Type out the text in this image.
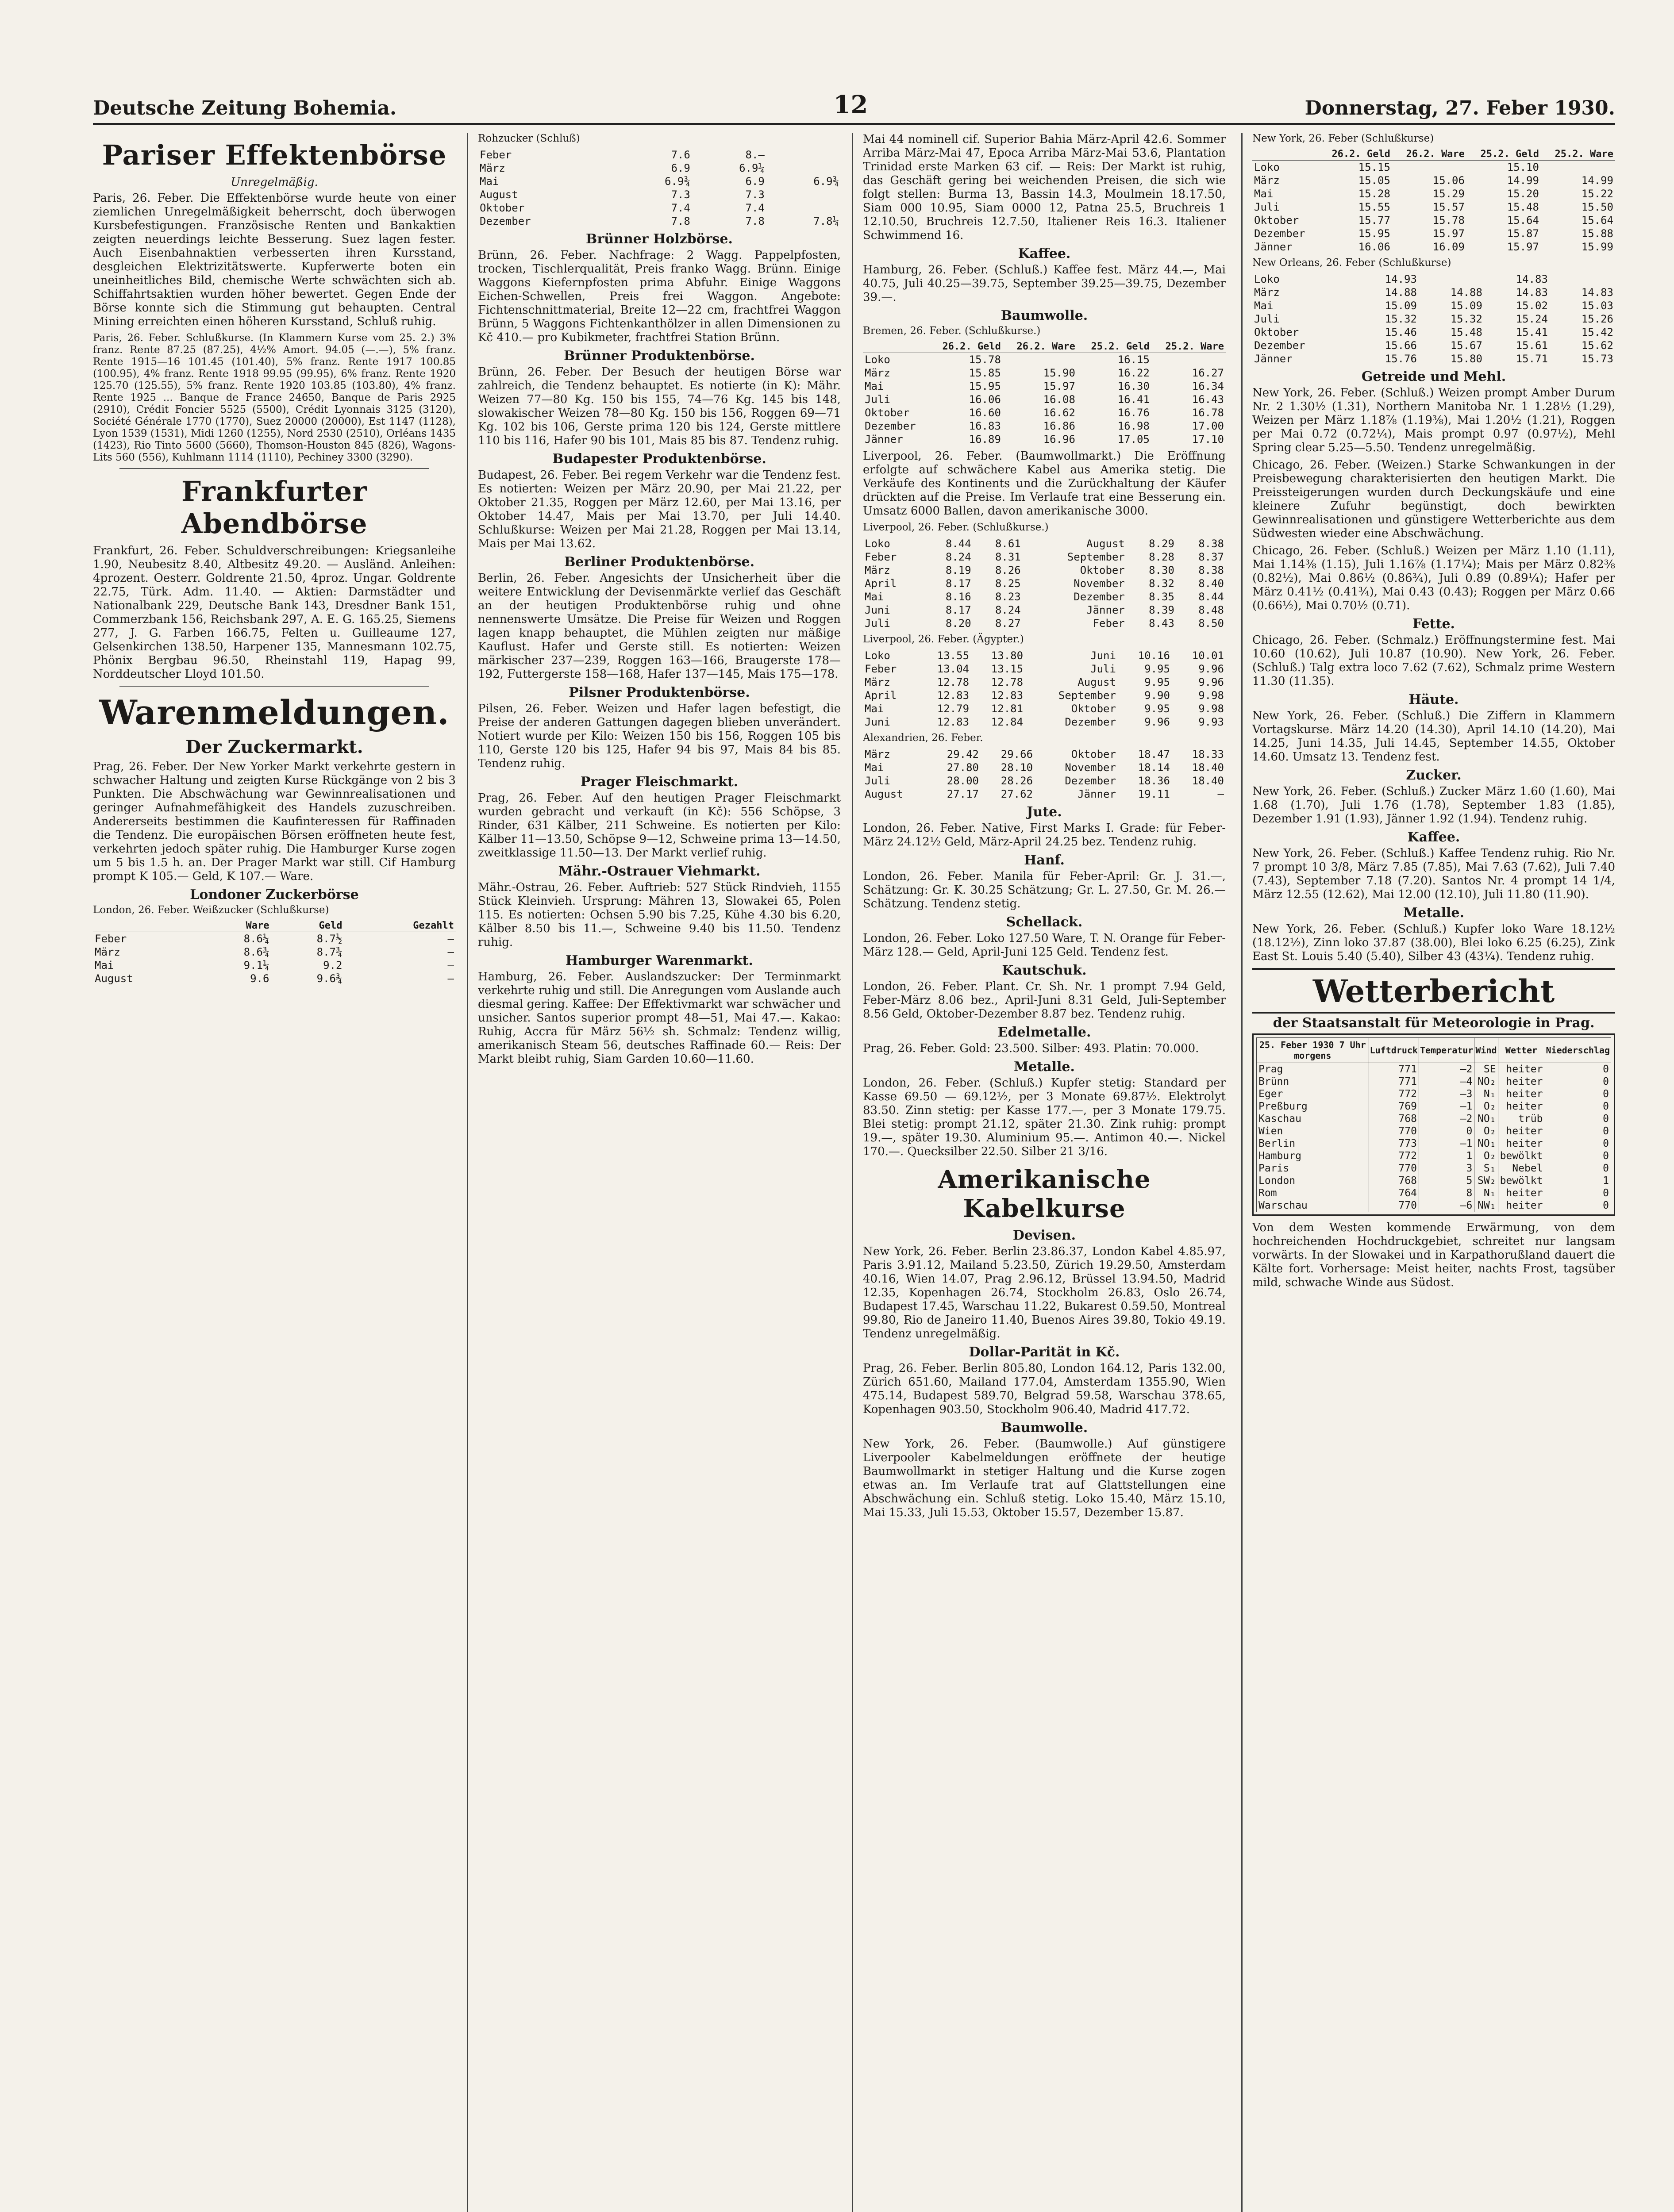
Deutsche Zeitung Bohemia.	12	Donnerstag, 27. Feber 1930.
Pariser Effektenbörse
Unregelmäßig.

Paris, 26. Feber. Die Effektenbörse wurde heute von einer ziemlichen Unregelmäßigkeit beherrscht, doch überwogen Kursbefestigungen. Französische Renten und Bankaktien zeigten neuerdings leichte Besserung. Suez lagen fester. Auch Eisenbahnaktien verbesserten ihren Kursstand, desgleichen Elektrizitätswerte. Kupferwerte boten ein uneinheitliches Bild, chemische Werte schwächten sich ab. Schiffahrtsaktien wurden höher bewertet. Gegen Ende der Börse konnte sich die Stimmung gut behaupten. Central Mining erreichten einen höheren Kursstand, Schluß ruhig.

Paris, 26. Feber. Schlußkurse. (In Klammern Kurse vom 25. 2.) 3% franz. Rente 87.25 (87.25), 4½% Amort. 94.05 (—.—), 5% franz. Rente 1915—16 101.45 (101.40), 5% franz. Rente 1917 100.85 (100.95), 4% franz. Rente 1918 99.95 (99.95), 6% franz. Rente 1920 125.70 (125.55), 5% franz. Rente 1920 103.85 (103.80), 4% franz. Rente 1925 ... Banque de France 24650, Banque de Paris 2925 (2910), Crédit Foncier 5525 (5500), Crédit Lyonnais 3125 (3120), Société Générale 1770 (1770), Suez 20000 (20000), Est 1147 (1128), Lyon 1539 (1531), Midi 1260 (1255), Nord 2530 (2510), Orléans 1435 (1423), Rio Tinto 5600 (5660), Thomson-Houston 845 (826), Wagons-Lits 560 (556), Kuhlmann 1114 (1110), Pechiney 3300 (3290).

Frankfurter Abendbörse

Frankfurt, 26. Feber. Schuldverschreibungen: Kriegsanleihe 1.90, Neubesitz 8.40, Altbesitz 49.20. — Ausländ. Anleihen: 4prozent. Oesterr. Goldrente 21.50, 4proz. Ungar. Goldrente 22.75, Türk. Adm. 11.40. — Aktien: Darmstädter und Nationalbank 229, Deutsche Bank 143, Dresdner Bank 151, Commerzbank 156, Reichsbank 297, A. E. G. 165.25, Siemens 277, J. G. Farben 166.75, Felten u. Guilleaume 127, Gelsenkirchen 138.50, Harpener 135, Mannesmann 102.75, Phönix Bergbau 96.50, Rheinstahl 119, Hapag 99, Norddeutscher Lloyd 101.50.

Warenmeldungen.
Der Zuckermarkt.

Prag, 26. Feber. Der New Yorker Markt verkehrte gestern in schwacher Haltung und zeigten Kurse Rückgänge von 2 bis 3 Punkten. Die Abschwächung war Gewinnrealisationen und geringer Aufnahmefähigkeit des Handels zuzuschreiben. Andererseits bestimmen die Kaufinteressen für Raffinaden die Tendenz. Die europäischen Börsen eröffneten heute fest, verkehrten jedoch später ruhig. Die Hamburger Kurse zogen um 5 bis 1.5 h. an. Der Prager Markt war still. Cif Hamburg prompt K 105.— Geld, K 107.— Ware.

Londoner Zuckerbörse
London, 26. Feber. Weißzucker (Schlußkurse)
	Ware	Geld	Gezahlt
Feber	8.6¼	8.7½	—
März	8.6¾	8.7¾	—
Mai	9.1¼	9.2	—
August	9.6	9.6¾	—
Rohzucker (Schluß)
Feber	7.6	8.—	
März	6.9	6.9¼	
Mai	6.9¾	6.9	6.9¾
August	7.3	7.3	
Oktober	7.4	7.4	
Dezember	7.8	7.8	7.8¼
Brünner Holzbörse.

Brünn, 26. Feber. Nachfrage: 2 Wagg. Pappelpfosten, trocken, Tischlerqualität, Preis franko Wagg. Brünn. Einige Waggons Kiefernpfosten prima Abfuhr. Einige Waggons Eichen-Schwellen, Preis frei Waggon. Angebote: Fichtenschnittmaterial, Breite 12—22 cm, frachtfrei Waggon Brünn, 5 Waggons Fichtenkanthölzer in allen Dimensionen zu Kč 410.— pro Kubikmeter, frachtfrei Station Brünn.

Brünner Produktenbörse.

Brünn, 26. Feber. Der Besuch der heutigen Börse war zahlreich, die Tendenz behauptet. Es notierte (in K): Mähr. Weizen 77—80 Kg. 150 bis 155, 74—76 Kg. 145 bis 148, slowakischer Weizen 78—80 Kg. 150 bis 156, Roggen 69—71 Kg. 102 bis 106, Gerste prima 120 bis 124, Gerste mittlere 110 bis 116, Hafer 90 bis 101, Mais 85 bis 87. Tendenz ruhig.

Budapester Produktenbörse.

Budapest, 26. Feber. Bei regem Verkehr war die Tendenz fest. Es notierten: Weizen per März 20.90, per Mai 21.22, per Oktober 21.35, Roggen per März 12.60, per Mai 13.16, per Oktober 14.47, Mais per Mai 13.70, per Juli 14.40. Schlußkurse: Weizen per Mai 21.28, Roggen per Mai 13.14, Mais per Mai 13.62.

Berliner Produktenbörse.

Berlin, 26. Feber. Angesichts der Unsicherheit über die weitere Entwicklung der Devisenmärkte verlief das Geschäft an der heutigen Produktenbörse ruhig und ohne nennenswerte Umsätze. Die Preise für Weizen und Roggen lagen knapp behauptet, die Mühlen zeigten nur mäßige Kauflust. Hafer und Gerste still. Es notierten: Weizen märkischer 237—239, Roggen 163—166, Braugerste 178—192, Futtergerste 158—168, Hafer 137—145, Mais 175—178.

Pilsner Produktenbörse.

Pilsen, 26. Feber. Weizen und Hafer lagen befestigt, die Preise der anderen Gattungen dagegen blieben unverändert. Notiert wurde per Kilo: Weizen 150 bis 156, Roggen 105 bis 110, Gerste 120 bis 125, Hafer 94 bis 97, Mais 84 bis 85. Tendenz ruhig.

Prager Fleischmarkt.

Prag, 26. Feber. Auf den heutigen Prager Fleischmarkt wurden gebracht und verkauft (in Kč): 556 Schöpse, 3 Rinder, 631 Kälber, 211 Schweine. Es notierten per Kilo: Kälber 11—13.50, Schöpse 9—12, Schweine prima 13—14.50, zweitklassige 11.50—13. Der Markt verlief ruhig.

Mähr.-Ostrauer Viehmarkt.

Mähr.-Ostrau, 26. Feber. Auftrieb: 527 Stück Rindvieh, 1155 Stück Kleinvieh. Ursprung: Mähren 13, Slowakei 65, Polen 115. Es notierten: Ochsen 5.90 bis 7.25, Kühe 4.30 bis 6.20, Kälber 8.50 bis 11.—, Schweine 9.40 bis 11.50. Tendenz ruhig.

Hamburger Warenmarkt.

Hamburg, 26. Feber. Auslandszucker: Der Terminmarkt verkehrte ruhig und still. Die Anregungen vom Auslande auch diesmal gering. Kaffee: Der Effektivmarkt war schwächer und unsicher. Santos superior prompt 48—51, Mai 47.—. Kakao: Ruhig, Accra für März 56½ sh. Schmalz: Tendenz willig, amerikanisch Steam 56, deutsches Raffinade 60.— Reis: Der Markt bleibt ruhig, Siam Garden 10.60—11.60.

Mai 44 nominell cif. Superior Bahia März-April 42.6. Sommer Arriba März-Mai 47, Epoca Arriba März-Mai 53.6, Plantation Trinidad erste Marken 63 cif. — Reis: Der Markt ist ruhig, das Geschäft gering bei weichenden Preisen, die sich wie folgt stellen: Burma 13, Bassin 14.3, Moulmein 18.17.50, Siam 000 10.95, Siam 0000 12, Patna 25.5, Bruchreis 1 12.10.50, Bruchreis 12.7.50, Italiener Reis 16.3. Italiener Schwimmend 16.

Kaffee.

Hamburg, 26. Feber. (Schluß.) Kaffee fest. März 44.—, Mai 40.75, Juli 40.25—39.75, September 39.25—39.75, Dezember 39.—.

Baumwolle.
Bremen, 26. Feber. (Schlußkurse.)
	26.2. Geld	26.2. Ware	25.2. Geld	25.2. Ware
Loko	15.78		16.15	
März	15.85	15.90	16.22	16.27
Mai	15.95	15.97	16.30	16.34
Juli	16.06	16.08	16.41	16.43
Oktober	16.60	16.62	16.76	16.78
Dezember	16.83	16.86	16.98	17.00
Jänner	16.89	16.96	17.05	17.10

Liverpool, 26. Feber. (Baumwollmarkt.) Die Eröffnung erfolgte auf schwächere Kabel aus Amerika stetig. Die Verkäufe des Kontinents und die Zurückhaltung der Käufer drückten auf die Preise. Im Verlaufe trat eine Besserung ein. Umsatz 6000 Ballen, davon amerikanische 3000.

Liverpool, 26. Feber. (Schlußkurse.)
Loko	8.44	8.61	August	8.29	8.38
Feber	8.24	8.31	September	8.28	8.37
März	8.19	8.26	Oktober	8.30	8.38
April	8.17	8.25	November	8.32	8.40
Mai	8.16	8.23	Dezember	8.35	8.44
Juni	8.17	8.24	Jänner	8.39	8.48
Juli	8.20	8.27	Feber	8.43	8.50
Liverpool, 26. Feber. (Ägypter.)
Loko	13.55	13.80	Juni	10.16	10.01
Feber	13.04	13.15	Juli	9.95	9.96
März	12.78	12.78	August	9.95	9.96
April	12.83	12.83	September	9.90	9.98
Mai	12.79	12.81	Oktober	9.95	9.98
Juni	12.83	12.84	Dezember	9.96	9.93
Alexandrien, 26. Feber.
März	29.42	29.66	Oktober	18.47	18.33
Mai	27.80	28.10	November	18.14	18.40
Juli	28.00	28.26	Dezember	18.36	18.40
August	27.17	27.62	Jänner	19.11	—
Jute.

London, 26. Feber. Native, First Marks I. Grade: für Feber-März 24.12½ Geld, März-April 24.25 bez. Tendenz ruhig.

Hanf.

London, 26. Feber. Manila für Feber-April: Gr. J. 31.—, Schätzung: Gr. K. 30.25 Schätzung; Gr. L. 27.50, Gr. M. 26.— Schätzung. Tendenz stetig.

Schellack.

London, 26. Feber. Loko 127.50 Ware, T. N. Orange für Feber-März 128.— Geld, April-Juni 125 Geld. Tendenz fest.

Kautschuk.

London, 26. Feber. Plant. Cr. Sh. Nr. 1 prompt 7.94 Geld, Feber-März 8.06 bez., April-Juni 8.31 Geld, Juli-September 8.56 Geld, Oktober-Dezember 8.87 bez. Tendenz ruhig.

Edelmetalle.

Prag, 26. Feber. Gold: 23.500. Silber: 493. Platin: 70.000.

Metalle.

London, 26. Feber. (Schluß.) Kupfer stetig: Standard per Kasse 69.50 — 69.12½, per 3 Monate 69.87½. Elektrolyt 83.50. Zinn stetig: per Kasse 177.—, per 3 Monate 179.75. Blei stetig: prompt 21.12, später 21.30. Zink ruhig: prompt 19.—, später 19.30. Aluminium 95.—. Antimon 40.—. Nickel 170.—. Quecksilber 22.50. Silber 21 3/16.

Amerikanische Kabelkurse
Devisen.

New York, 26. Feber. Berlin 23.86.37, London Kabel 4.85.97, Paris 3.91.12, Mailand 5.23.50, Zürich 19.29.50, Amsterdam 40.16, Wien 14.07, Prag 2.96.12, Brüssel 13.94.50, Madrid 12.35, Kopenhagen 26.74, Stockholm 26.83, Oslo 26.74, Budapest 17.45, Warschau 11.22, Bukarest 0.59.50, Montreal 99.80, Rio de Janeiro 11.40, Buenos Aires 39.80, Tokio 49.19. Tendenz unregelmäßig.

Dollar-Parität in Kč.

Prag, 26. Feber. Berlin 805.80, London 164.12, Paris 132.00, Zürich 651.60, Mailand 177.04, Amsterdam 1355.90, Wien 475.14, Budapest 589.70, Belgrad 59.58, Warschau 378.65, Kopenhagen 903.50, Stockholm 906.40, Madrid 417.72.

Baumwolle.

New York, 26. Feber. (Baumwolle.) Auf günstigere Liverpooler Kabelmeldungen eröffnete der heutige Baumwollmarkt in stetiger Haltung und die Kurse zogen etwas an. Im Verlaufe trat auf Glattstellungen eine Abschwächung ein. Schluß stetig. Loko 15.40, März 15.10, Mai 15.33, Juli 15.53, Oktober 15.57, Dezember 15.87.

New York, 26. Feber (Schlußkurse)
	26.2. Geld	26.2. Ware	25.2. Geld	25.2. Ware
Loko	15.15		15.10	
März	15.05	15.06	14.99	14.99
Mai	15.28	15.29	15.20	15.22
Juli	15.55	15.57	15.48	15.50
Oktober	15.77	15.78	15.64	15.64
Dezember	15.95	15.97	15.87	15.88
Jänner	16.06	16.09	15.97	15.99
New Orleans, 26. Feber (Schlußkurse)
Loko	14.93		14.83	
März	14.88	14.88	14.83	14.83
Mai	15.09	15.09	15.02	15.03
Juli	15.32	15.32	15.24	15.26
Oktober	15.46	15.48	15.41	15.42
Dezember	15.66	15.67	15.61	15.62
Jänner	15.76	15.80	15.71	15.73
Getreide und Mehl.

New York, 26. Feber. (Schluß.) Weizen prompt Amber Durum Nr. 2 1.30½ (1.31), Northern Manitoba Nr. 1 1.28½ (1.29), Weizen per März 1.18⅞ (1.19⅜), Mai 1.20½ (1.21), Roggen per Mai 0.72 (0.72¼), Mais prompt 0.97 (0.97½), Mehl Spring clear 5.25—5.50. Tendenz unregelmäßig.

Chicago, 26. Feber. (Weizen.) Starke Schwankungen in der Preisbewegung charakterisierten den heutigen Markt. Die Preissteigerungen wurden durch Deckungskäufe und eine kleinere Zufuhr begünstigt, doch bewirkten Gewinnrealisationen und günstigere Wetterberichte aus dem Südwesten wieder eine Abschwächung.

Chicago, 26. Feber. (Schluß.) Weizen per März 1.10 (1.11), Mai 1.14⅜ (1.15), Juli 1.16⅞ (1.17¼); Mais per März 0.82⅜ (0.82½), Mai 0.86½ (0.86¾), Juli 0.89 (0.89¼); Hafer per März 0.41½ (0.41¾), Mai 0.43 (0.43); Roggen per März 0.66 (0.66½), Mai 0.70½ (0.71).

Fette.

Chicago, 26. Feber. (Schmalz.) Eröffnungstermine fest. Mai 10.60 (10.62), Juli 10.87 (10.90). New York, 26. Feber. (Schluß.) Talg extra loco 7.62 (7.62), Schmalz prime Western 11.30 (11.35).

Häute.

New York, 26. Feber. (Schluß.) Die Ziffern in Klammern Vortagskurse. März 14.20 (14.30), April 14.10 (14.20), Mai 14.25, Juni 14.35, Juli 14.45, September 14.55, Oktober 14.60. Umsatz 13. Tendenz fest.

Zucker.

New York, 26. Feber. (Schluß.) Zucker März 1.60 (1.60), Mai 1.68 (1.70), Juli 1.76 (1.78), September 1.83 (1.85), Dezember 1.91 (1.93), Jänner 1.92 (1.94). Tendenz ruhig.

Kaffee.

New York, 26. Feber. (Schluß.) Kaffee Tendenz ruhig. Rio Nr. 7 prompt 10 3/8, März 7.85 (7.85), Mai 7.63 (7.62), Juli 7.40 (7.43), September 7.18 (7.20). Santos Nr. 4 prompt 14 1/4, März 12.55 (12.62), Mai 12.00 (12.10), Juli 11.80 (11.90).

Metalle.

New York, 26. Feber. (Schluß.) Kupfer loko Ware 18.12½ (18.12½), Zinn loko 37.87 (38.00), Blei loko 6.25 (6.25), Zink East St. Louis 5.40 (5.40), Silber 43 (43¼). Tendenz ruhig.

Wetterbericht
der Staatsanstalt für Meteorologie in Prag.
25. Feber 1930 7 Uhr morgens	Luftdruck	Temperatur	Wind	Wetter	Niederschlag
Prag	771	—2	SE	heiter	0
Brünn	771	—4	NO₂	heiter	0
Eger	772	—3	N₁	heiter	0
Preßburg	769	—1	O₂	heiter	0
Kaschau	768	—2	NO₁	trüb	0
Wien	770	0	O₂	heiter	0
Berlin	773	—1	NO₁	heiter	0
Hamburg	772	1	O₂	bewölkt	0
Paris	770	3	S₁	Nebel	0
London	768	5	SW₂	bewölkt	1
Rom	764	8	N₁	heiter	0
Warschau	770	—6	NW₁	heiter	0

Von dem Westen kommende Erwärmung, von dem hochreichenden Hochdruckgebiet, schreitet nur langsam vorwärts. In der Slowakei und in Karpathorußland dauert die Kälte fort. Vorhersage: Meist heiter, nachts Frost, tagsüber mild, schwache Winde aus Südost.
